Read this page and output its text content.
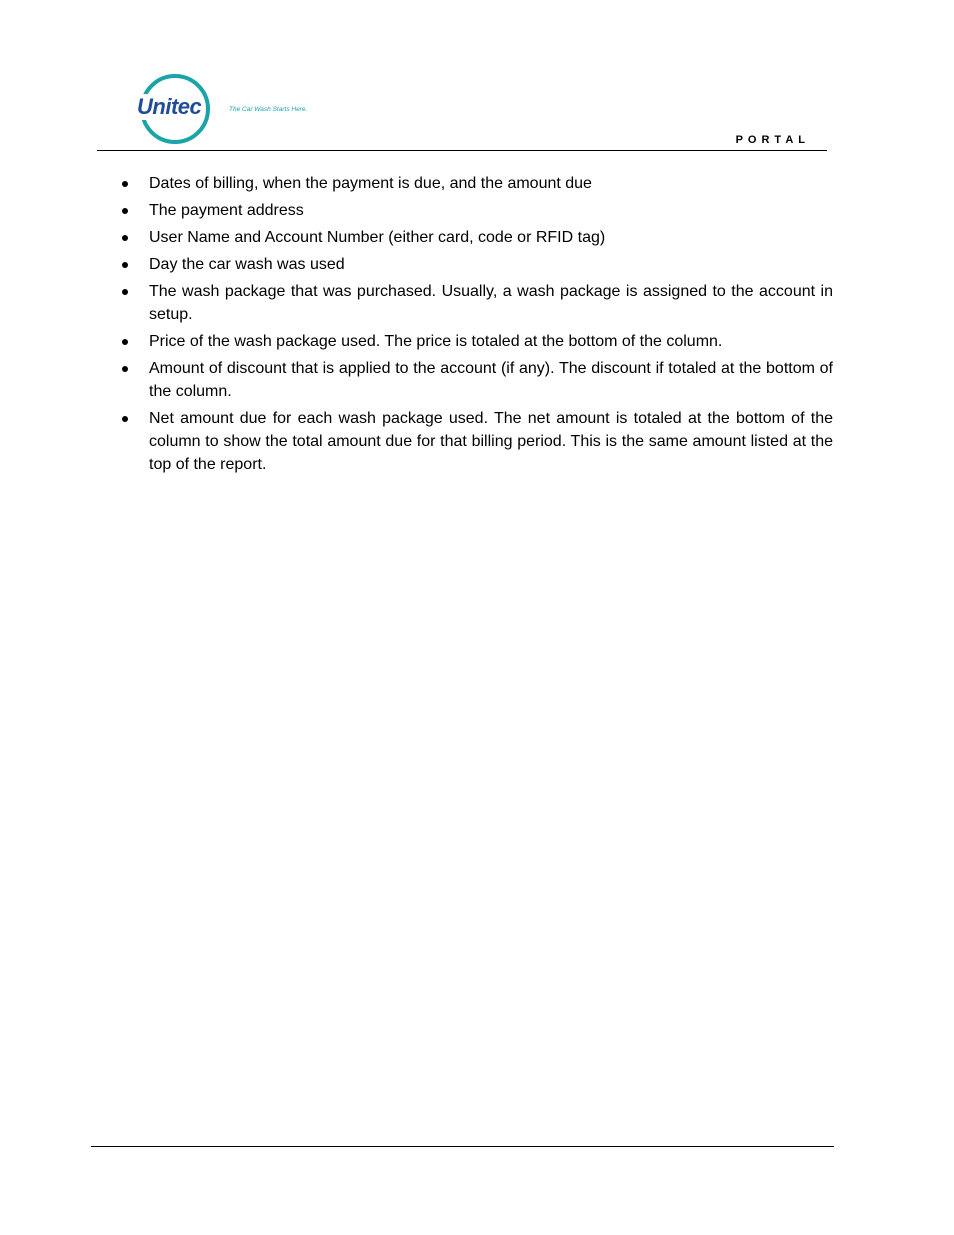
Unitec	The Car Wash Starts Here.
PORTAL
Dates of billing, when the payment is due, and the amount due
The payment address
User Name and Account Number (either card, code or RFID tag)
Day the car wash was used
The wash package that was purchased. Usually, a wash package is assigned to the account in setup.
Price of the wash package used. The price is totaled at the bottom of the column.
Amount of discount that is applied to the account (if any). The discount if totaled at the bottom of the column.
Net amount due for each wash package used. The net amount is totaled at the bottom of the column to show the total amount due for that billing period. This is the same amount listed at the top of the report.
